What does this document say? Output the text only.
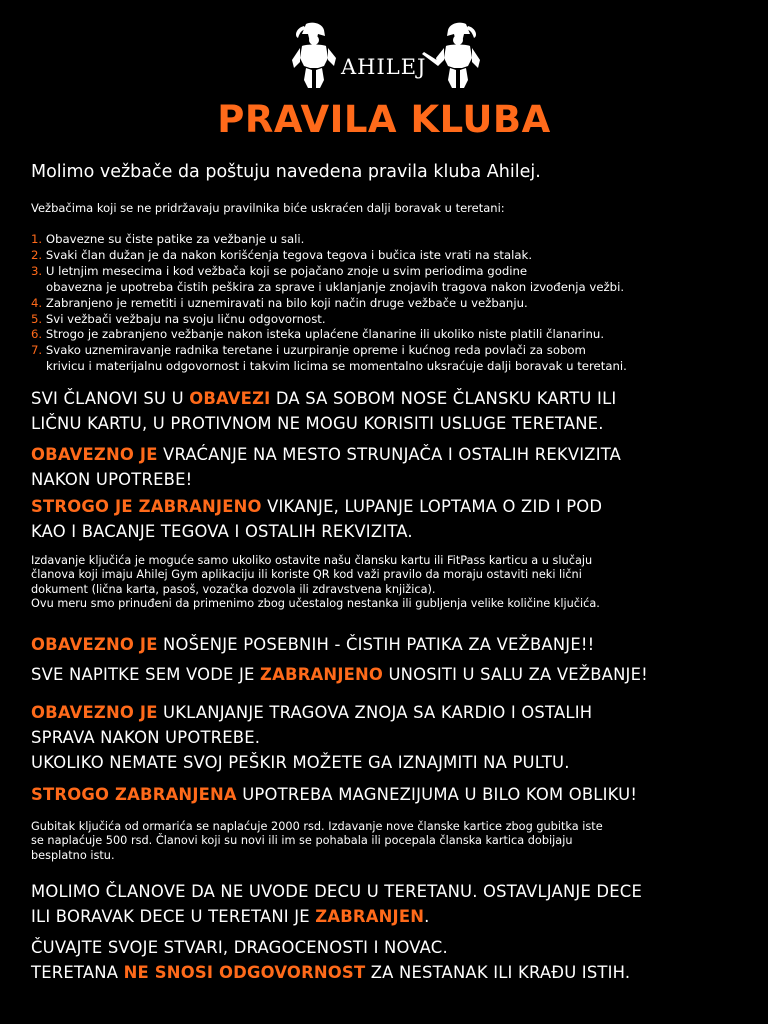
AHILEJ
PRAVILA KLUBA
Molimo vežbače da poštuju navedena pravila kluba Ahilej.
Vežbačima koji se ne pridržavaju pravilnika biće uskraćen dalji boravak u teretani:
1. Obavezne su čiste patike za vežbanje u sali.
2. Svaki član dužan je da nakon korišćenja tegova tegova i bučica iste vrati na stalak.
3. U letnjim mesecima i kod vežbača koji se pojačano znoje u svim periodima godine
obavezna je upotreba čistih peškira za sprave i uklanjanje znojavih tragova nakon izvođenja vežbi.
4. Zabranjeno je remetiti i uznemiravati na bilo koji način druge vežbače u vežbanju.
5. Svi vežbači vežbaju na svoju ličnu odgovornost.
6. Strogo je zabranjeno vežbanje nakon isteka uplaćene članarine ili ukoliko niste platili članarinu.
7. Svako uznemiravanje radnika teretane i uzurpiranje opreme i kućnog reda povlači za sobom
krivicu i materijalnu odgovornost i takvim licima se momentalno uksraćuje dalji boravak u teretani.
SVI ČLANOVI SU U OBAVEZI DA SA SOBOM NOSE ČLANSKU KARTU ILI
LIČNU KARTU, U PROTIVNOM NE MOGU KORISITI USLUGE TERETANE.
OBAVEZNO JE VRAĆANJE NA MESTO STRUNJAČA I OSTALIH REKVIZITA
NAKON UPOTREBE!
STROGO JE ZABRANJENO VIKANJE, LUPANJE LOPTAMA O ZID I POD
KAO I BACANJE TEGOVA I OSTALIH REKVIZITA.
Izdavanje ključića je moguće samo ukoliko ostavite našu člansku kartu ili FitPass karticu a u slučaju
članova koji imaju Ahilej Gym aplikaciju ili koriste QR kod važi pravilo da moraju ostaviti neki lični
dokument (lična karta, pasoš, vozačka dozvola ili zdravstvena knjižica).
Ovu meru smo prinuđeni da primenimo zbog učestalog nestanka ili gubljenja velike količine ključića.
OBAVEZNO JE NOŠENJE POSEBNIH - ČISTIH PATIKA ZA VEŽBANJE!!
SVE NAPITKE SEM VODE JE ZABRANJENO UNOSITI U SALU ZA VEŽBANJE!
OBAVEZNO JE UKLANJANJE TRAGOVA ZNOJA SA KARDIO I OSTALIH
SPRAVA NAKON UPOTREBE.
UKOLIKO NEMATE SVOJ PEŠKIR MOŽETE GA IZNAJMITI NA PULTU.
STROGO ZABRANJENA UPOTREBA MAGNEZIJUMA U BILO KOM OBLIKU!
Gubitak ključića od ormarića se naplaćuje 2000 rsd. Izdavanje nove članske kartice zbog gubitka iste
se naplaćuje 500 rsd. Članovi koji su novi ili im se pohabala ili pocepala članska kartica dobijaju
besplatno istu.
MOLIMO ČLANOVE DA NE UVODE DECU U TERETANU. OSTAVLJANJE DECE
ILI BORAVAK DECE U TERETANI JE ZABRANJEN.
ČUVAJTE SVOJE STVARI, DRAGOCENOSTI I NOVAC.
TERETANA NE SNOSI ODGOVORNOST ZA NESTANAK ILI KRAĐU ISTIH.
